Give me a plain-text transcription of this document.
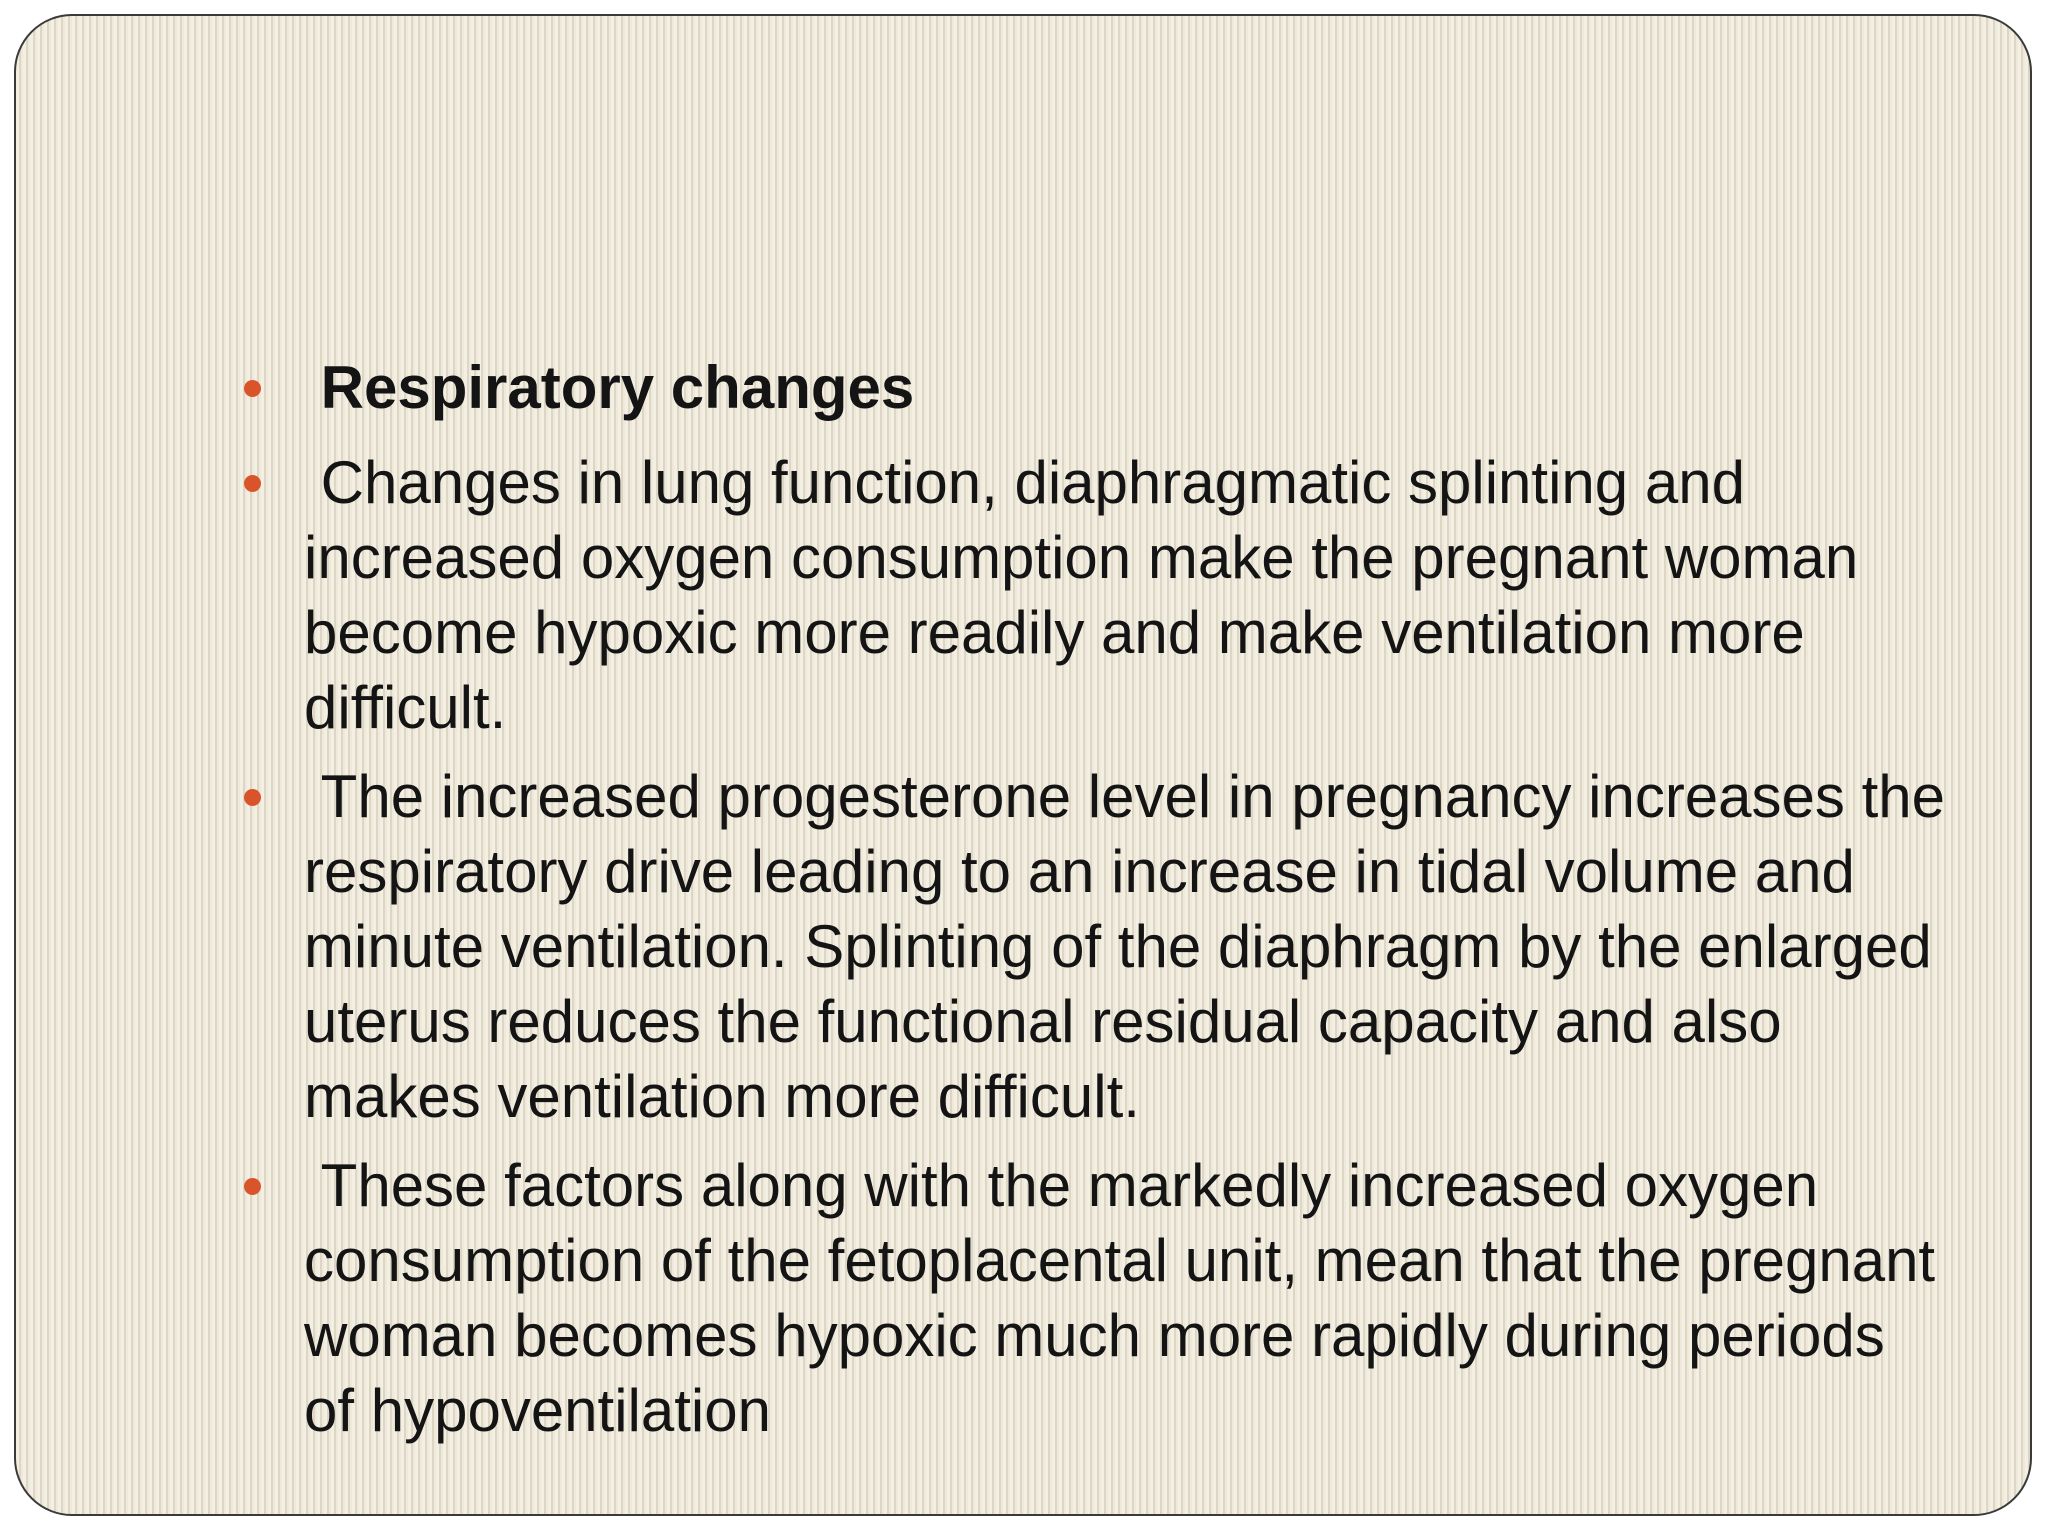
Respiratory changes
Changes in lung function, diaphragmatic splinting and increased oxygen consumption make the pregnant woman become hypoxic more readily and make ventilation more difficult.
The increased progesterone level in pregnancy increases the respiratory drive leading to an increase in tidal volume and minute ventilation. Splinting of the diaphragm by the enlarged uterus reduces the functional residual capacity and also makes ventilation more difficult.
These factors along with the markedly increased oxygen consumption of the fetoplacental unit, mean that the pregnant woman becomes hypoxic much more rapidly during periods of hypoventilation
